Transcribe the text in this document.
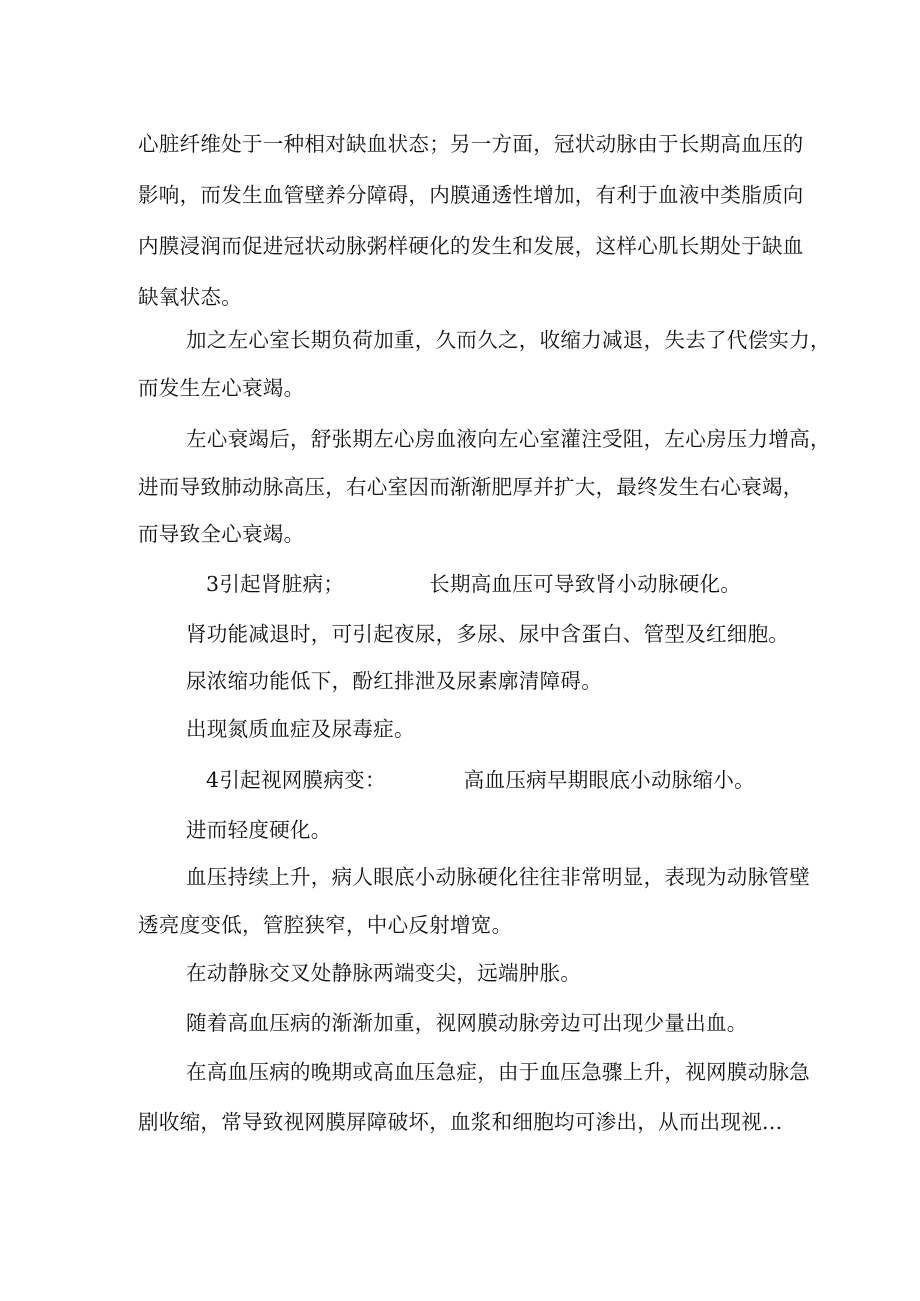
心脏纤维处于一种相对缺血状态；另一方面，冠状动脉由于长期高血压的
影响，而发生血管壁养分障碍，内膜通透性增加，有利于血液中类脂质向
内膜浸润而促进冠状动脉粥样硬化的发生和发展，这样心肌长期处于缺血
缺氧状态。
加之左心室长期负荷加重，久而久之，收缩力减退，失去了代偿实力，
而发生左心衰竭。
左心衰竭后，舒张期左心房血液向左心室灌注受阻，左心房压力增高，
进而导致肺动脉高压，右心室因而渐渐肥厚并扩大，最终发生右心衰竭，
而导致全心衰竭。
3引起肾脏病；	长期高血压可导致肾小动脉硬化。
肾功能减退时，可引起夜尿，多尿、尿中含蛋白、管型及红细胞。
尿浓缩功能低下，酚红排泄及尿素廓清障碍。
出现氮质血症及尿毒症。
4引起视网膜病变：	高血压病早期眼底小动脉缩小。
进而轻度硬化。
血压持续上升，病人眼底小动脉硬化往往非常明显，表现为动脉管壁
透亮度变低，管腔狭窄，中心反射增宽。
在动静脉交叉处静脉两端变尖，远端肿胀。
随着高血压病的渐渐加重，视网膜动脉旁边可出现少量出血。
在高血压病的晚期或高血压急症，由于血压急骤上升，视网膜动脉急
剧收缩，常导致视网膜屏障破坏，血浆和细胞均可渗出，从而出现视...
